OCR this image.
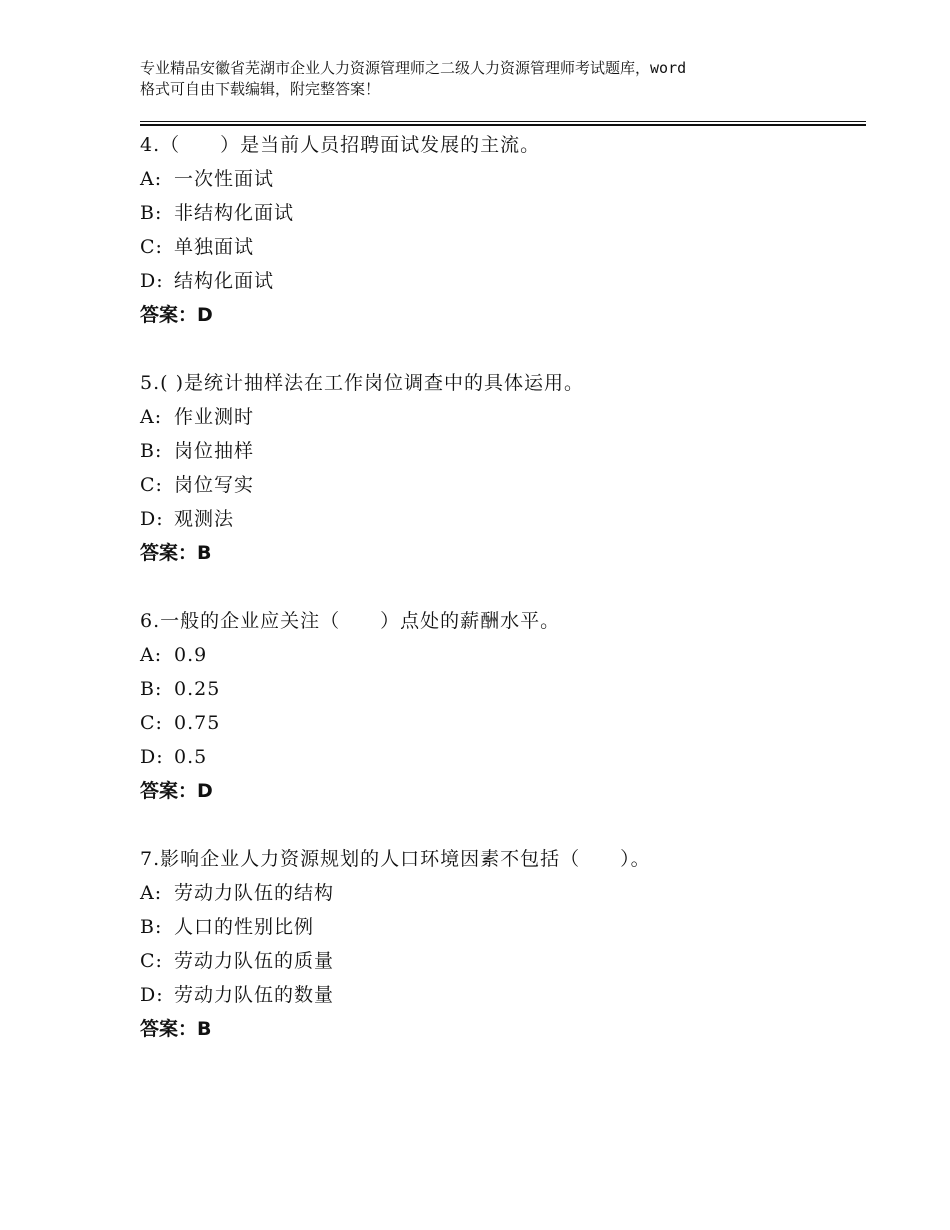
专业精品安徽省芜湖市企业人力资源管理师之二级人力资源管理师考试题库，word
格式可自由下载编辑，附完整答案！
4.（　　）是当前人员招聘面试发展的主流。
A: 一次性面试
B: 非结构化面试
C: 单独面试
D: 结构化面试
答案：D
5.( )是统计抽样法在工作岗位调查中的具体运用。
A: 作业测时
B: 岗位抽样
C: 岗位写实
D: 观测法
答案：B
6.一般的企业应关注（　　）点处的薪酬水平。
A: 0.9
B: 0.25
C: 0.75
D: 0.5
答案：D
7.影响企业人力资源规划的人口环境因素不包括（　　）。
A: 劳动力队伍的结构
B: 人口的性别比例
C: 劳动力队伍的质量
D: 劳动力队伍的数量
答案：B
